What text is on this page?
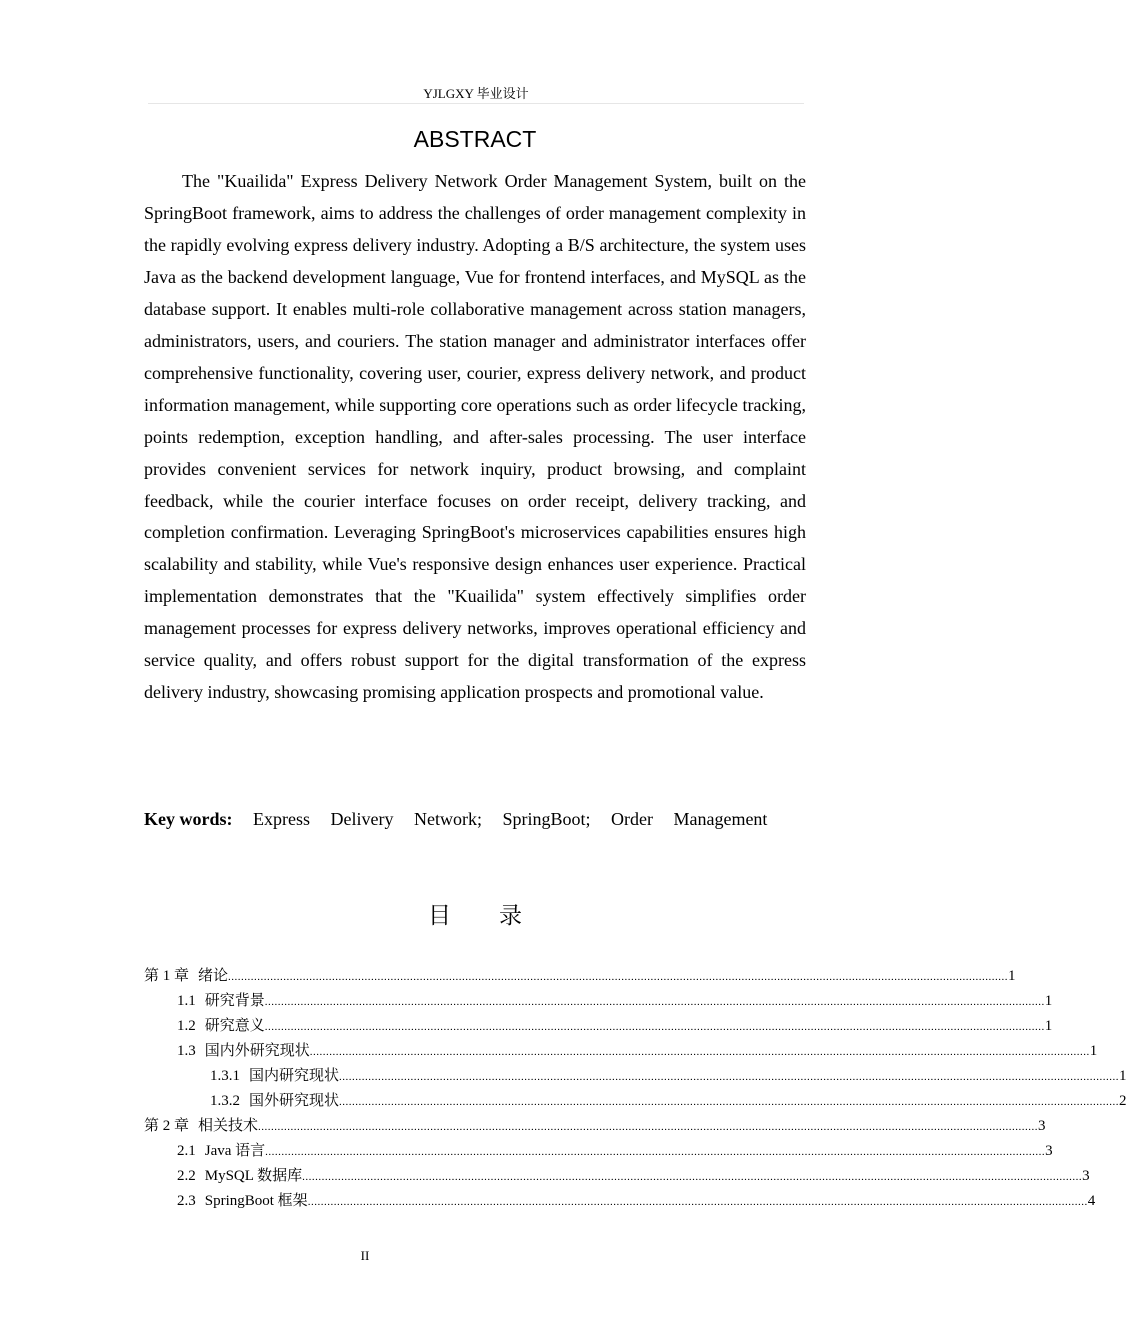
YJLGXY 毕业设计
ABSTRACT

The "Kuailida" Express Delivery Network Order Management System, built on the SpringBoot framework, aims to address the challenges of order management complexity in the rapidly evolving express delivery industry. Adopting a B/S architecture, the system uses Java as the backend development language, Vue for frontend interfaces, and MySQL as the database support. It enables multi-role collaborative management across station managers, administrators, users, and couriers. The station manager and administrator interfaces offer comprehensive functionality, covering user, courier, express delivery network, and product information management, while supporting core operations such as order lifecycle tracking, points redemption, exception handling, and after-sales processing. The user interface provides convenient services for network inquiry, product browsing, and complaint feedback, while the courier interface focuses on order receipt, delivery tracking, and completion confirmation. Leveraging SpringBoot's microservices capabilities ensures high scalability and stability, while Vue's responsive design enhances user experience. Practical implementation demonstrates that the "Kuailida" system effectively simplifies order management processes for express delivery networks, improves operational efficiency and service quality, and offers robust support for the digital transformation of the express delivery industry, showcasing promising application prospects and promotional value.

Key words: Express Delivery Network; SpringBoot; Order Management
目录
第 1 章 绪论 ................................................................................................................................................................................................................................................ 1
1.1 研究背景 ................................................................................................................................................................................................................................................ 1
1.2 研究意义 ................................................................................................................................................................................................................................................ 1
1.3 国内外研究现状 ................................................................................................................................................................................................................................................ 1
1.3.1 国内研究现状 ................................................................................................................................................................................................................................................ 1
1.3.2 国外研究现状 ................................................................................................................................................................................................................................................ 2
第 2 章 相关技术 ................................................................................................................................................................................................................................................ 3
2.1 Java 语言 ................................................................................................................................................................................................................................................ 3
2.2 MySQL 数据库 ................................................................................................................................................................................................................................................ 3
2.3 SpringBoot 框架 ................................................................................................................................................................................................................................................ 4
II
